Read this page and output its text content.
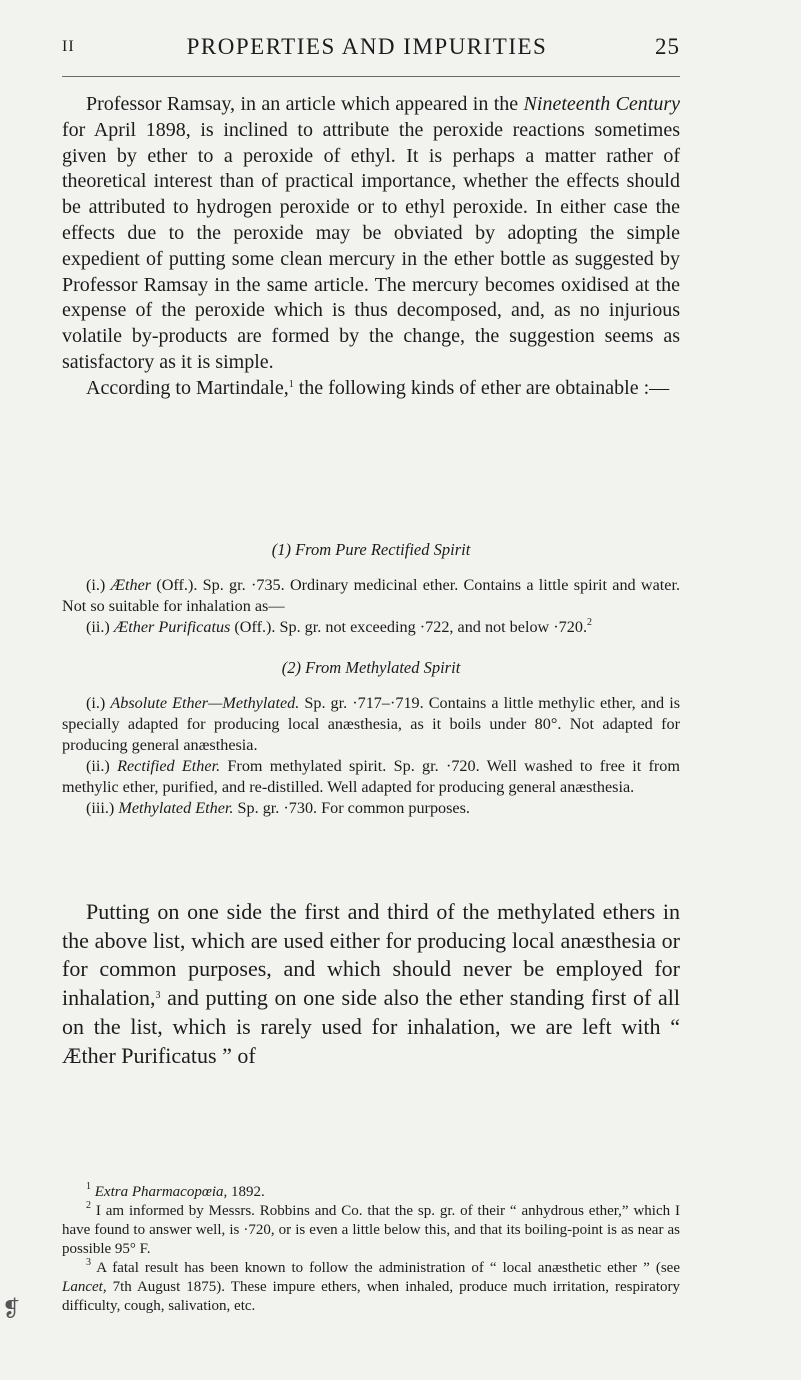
II	PROPERTIES AND IMPURITIES	25

Professor Ramsay, in an article which appeared in the Nineteenth Century for April 1898, is inclined to attribute the peroxide reactions sometimes given by ether to a peroxide of ethyl. It is perhaps a matter rather of theoretical interest than of practical importance, whether the effects should be attributed to hydrogen peroxide or to ethyl peroxide. In either case the effects due to the peroxide may be obviated by adopting the simple expedient of putting some clean mercury in the ether bottle as suggested by Professor Ramsay in the same article. The mercury becomes oxidised at the expense of the peroxide which is thus decomposed, and, as no injurious volatile by-products are formed by the change, the suggestion seems as satisfactory as it is simple.

According to Martindale,$^1$ the following kinds of ether are obtainable :—

(1) From Pure Rectified Spirit

(i.) Æther (Off.). Sp. gr. ·735. Ordinary medicinal ether. Contains a little spirit and water. Not so suitable for inhalation as—

(ii.) Æther Purificatus (Off.). Sp. gr. not exceeding ·722, and not below ·720.$^2$

(2) From Methylated Spirit

(i.) Absolute Ether—Methylated. Sp. gr. ·717–·719. Contains a little methylic ether, and is specially adapted for producing local anæsthesia, as it boils under 80°. Not adapted for producing general anæsthesia.

(ii.) Rectified Ether. From methylated spirit. Sp. gr. ·720. Well washed to free it from methylic ether, purified, and re-distilled. Well adapted for producing general anæsthesia.

(iii.) Methylated Ether. Sp. gr. ·730. For common purposes.

Putting on one side the first and third of the methylated ethers in the above list, which are used either for producing local anæsthesia or for common purposes, and which should never be employed for inhalation,$^3$ and putting on one side also the ether standing first of all on the list, which is rarely used for inhalation, we are left with “ Æther Purificatus ” of

$^1$ Extra Pharmacopœia, 1892.

$^2$ I am informed by Messrs. Robbins and Co. that the sp. gr. of their “ anhydrous ether,” which I have found to answer well, is ·720, or is even a little below this, and that its boiling-point is as near as possible 95° F.

$^3$ A fatal result has been known to follow the administration of “ local anæsthetic ether ” (see Lancet, 7th August 1875). These impure ethers, when inhaled, produce much irritation, respiratory difficulty, cough, salivation, etc.

❡
